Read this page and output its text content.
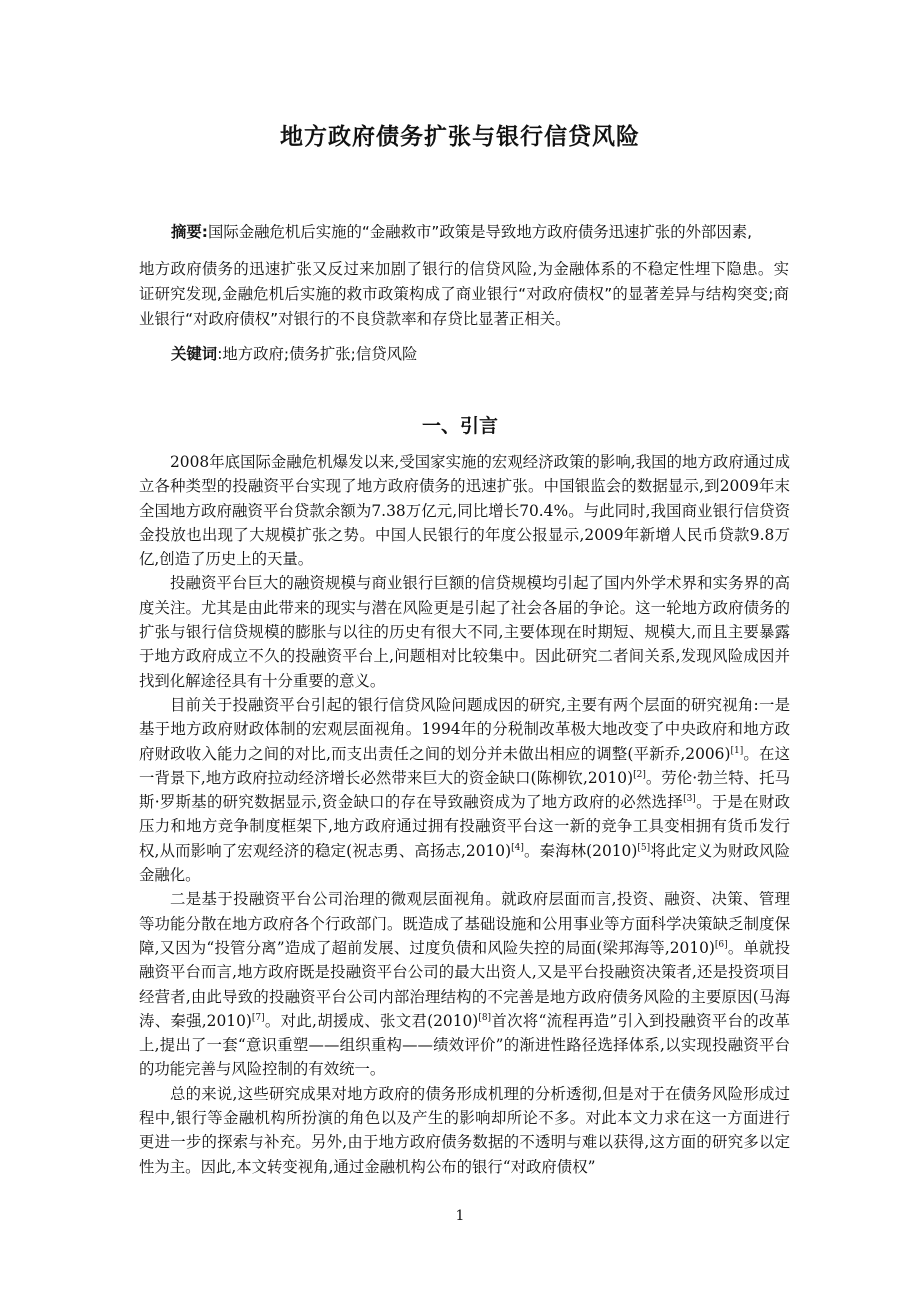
地方政府债务扩张与银行信贷风险

摘要:国际金融危机后实施的“金融救市”政策是导致地方政府债务迅速扩张的外部因素,

地方政府债务的迅速扩张又反过来加剧了银行的信贷风险,为金融体系的不稳定性埋下隐患。实证研究发现,金融危机后实施的救市政策构成了商业银行“对政府债权”的显著差异与结构突变;商业银行“对政府债权”对银行的不良贷款率和存贷比显著正相关。

关键词:地方政府;债务扩张;信贷风险
一、引言

2008年底国际金融危机爆发以来,受国家实施的宏观经济政策的影响,我国的地方政府通过成立各种类型的投融资平台实现了地方政府债务的迅速扩张。中国银监会的数据显示,到2009年末全国地方政府融资平台贷款余额为7.38万亿元,同比增长70.4%。与此同时,我国商业银行信贷资金投放也出现了大规模扩张之势。中国人民银行的年度公报显示,2009年新增人民币贷款9.8万亿,创造了历史上的天量。

投融资平台巨大的融资规模与商业银行巨额的信贷规模均引起了国内外学术界和实务界的高度关注。尤其是由此带来的现实与潜在风险更是引起了社会各届的争论。这一轮地方政府债务的扩张与银行信贷规模的膨胀与以往的历史有很大不同,主要体现在时期短、规模大,而且主要暴露于地方政府成立不久的投融资平台上,问题相对比较集中。因此研究二者间关系,发现风险成因并找到化解途径具有十分重要的意义。

目前关于投融资平台引起的银行信贷风险问题成因的研究,主要有两个层面的研究视角:一是基于地方政府财政体制的宏观层面视角。1994年的分税制改革极大地改变了中央政府和地方政府财政收入能力之间的对比,而支出责任之间的划分并未做出相应的调整(平新乔,2006)[1]。在这一背景下,地方政府拉动经济增长必然带来巨大的资金缺口(陈柳钦,2010)[2]。劳伦·勃兰特、托马斯·罗斯基的研究数据显示,资金缺口的存在导致融资成为了地方政府的必然选择[3]。于是在财政压力和地方竞争制度框架下,地方政府通过拥有投融资平台这一新的竞争工具变相拥有货币发行权,从而影响了宏观经济的稳定(祝志勇、高扬志,2010)[4]。秦海林(2010)[5]将此定义为财政风险金融化。

二是基于投融资平台公司治理的微观层面视角。就政府层面而言,投资、融资、决策、管理等功能分散在地方政府各个行政部门。既造成了基础设施和公用事业等方面科学决策缺乏制度保障,又因为“投管分离”造成了超前发展、过度负债和风险失控的局面(梁邦海等,2010)[6]。单就投融资平台而言,地方政府既是投融资平台公司的最大出资人,又是平台投融资决策者,还是投资项目经营者,由此导致的投融资平台公司内部治理结构的不完善是地方政府债务风险的主要原因(马海涛、秦强,2010)[7]。对此,胡援成、张文君(2010)[8]首次将“流程再造”引入到投融资平台的改革上,提出了一套“意识重塑——组织重构——绩效评价”的渐进性路径选择体系,以实现投融资平台的功能完善与风险控制的有效统一。

总的来说,这些研究成果对地方政府的债务形成机理的分析透彻,但是对于在债务风险形成过程中,银行等金融机构所扮演的角色以及产生的影响却所论不多。对此本文力求在这一方面进行更进一步的探索与补充。另外,由于地方政府债务数据的不透明与难以获得,这方面的研究多以定性为主。因此,本文转变视角,通过金融机构公布的银行“对政府债权”

1
